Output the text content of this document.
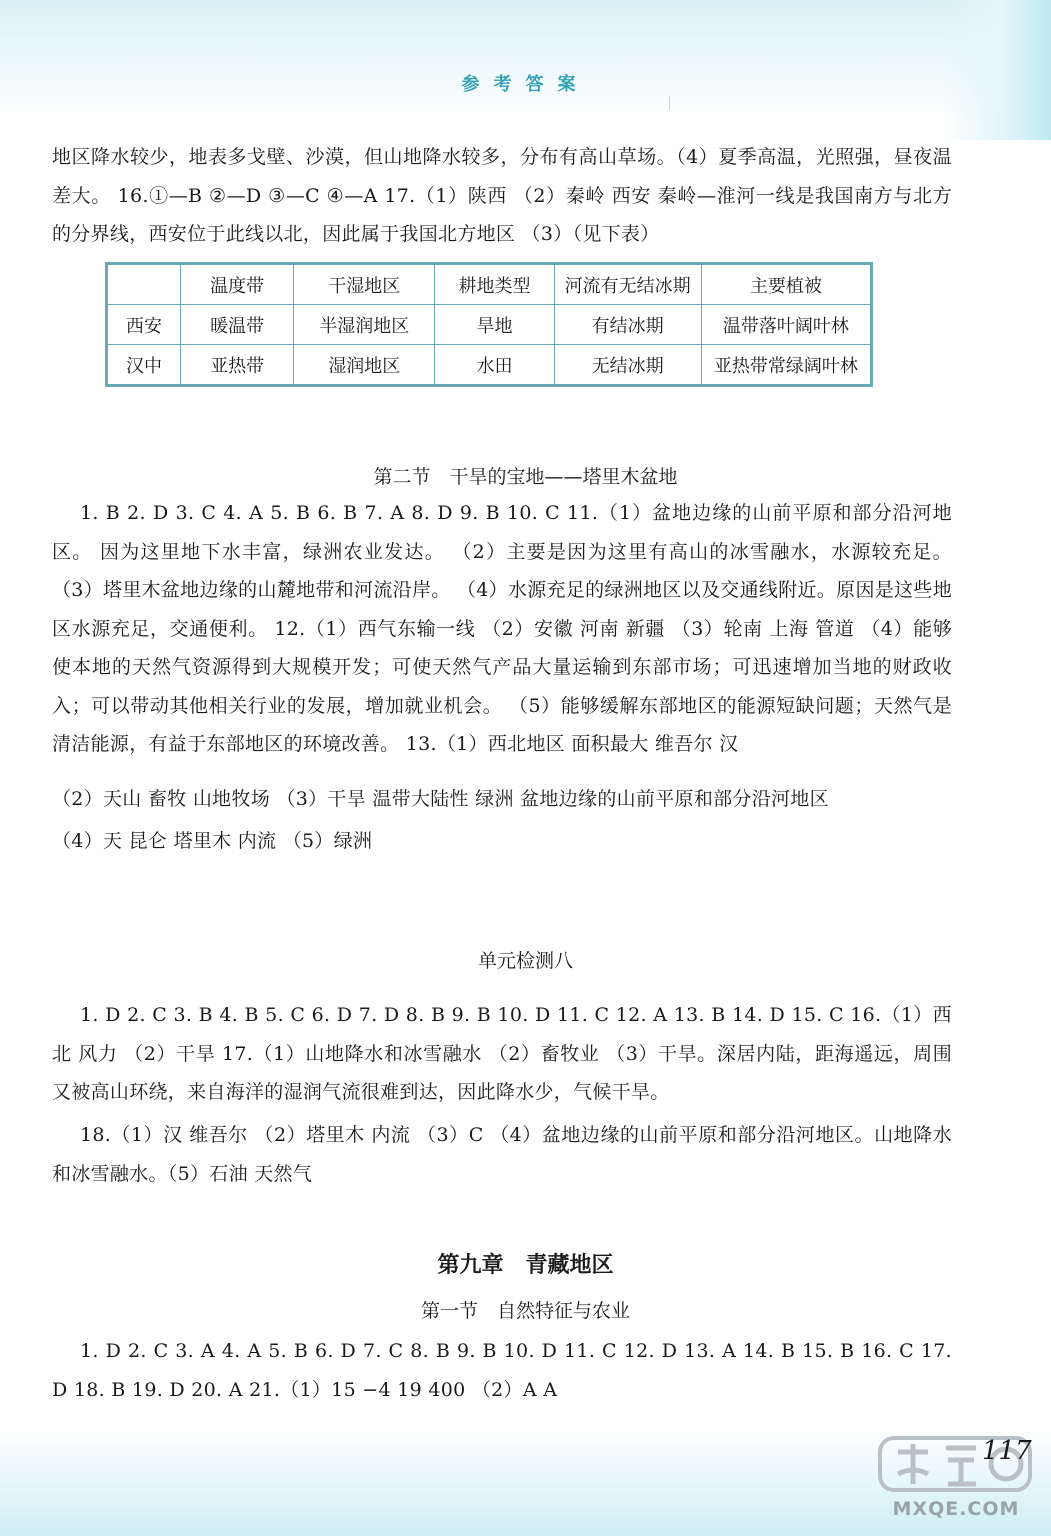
参考答案
地区降水较少，地表多戈壁、沙漠，但山地降水较多，分布有高山草场。（4）夏季高温，光照强，昼夜温差大。 16.①—B ②—D ③—C ④—A 17.（1）陕西 （2）秦岭 西安 秦岭—淮河一线是我国南方与北方的分界线，西安位于此线以北，因此属于我国北方地区 （3）（见下表）
	温度带	干湿地区	耕地类型	河流有无结冰期	主要植被
西安	暖温带	半湿润地区	旱地	有结冰期	温带落叶阔叶林
汉中	亚热带	湿润地区	水田	无结冰期	亚热带常绿阔叶林
第二节　干旱的宝地——塔里木盆地
1. B 2. D 3. C 4. A 5. B 6. B 7. A 8. D 9. B 10. C 11.（1）盆地边缘的山前平原和部分沿河地区。 因为这里地下水丰富，绿洲农业发达。 （2）主要是因为这里有高山的冰雪融水，水源较充足。 （3）塔里木盆地边缘的山麓地带和河流沿岸。 （4）水源充足的绿洲地区以及交通线附近。原因是这些地区水源充足，交通便利。 12.（1）西气东输一线 （2）安徽 河南 新疆 （3）轮南 上海 管道 （4）能够使本地的天然气资源得到大规模开发；可使天然气产品大量运输到东部市场；可迅速增加当地的财政收入；可以带动其他相关行业的发展，增加就业机会。 （5）能够缓解东部地区的能源短缺问题；天然气是清洁能源，有益于东部地区的环境改善。 13.（1）西北地区 面积最大 维吾尔 汉
（2）天山 畜牧 山地牧场 （3）干旱 温带大陆性 绿洲 盆地边缘的山前平原和部分沿河地区
（4）天 昆仑 塔里木 内流 （5）绿洲
单元检测八
1. D 2. C 3. B 4. B 5. C 6. D 7. D 8. B 9. B 10. D 11. C 12. A 13. B 14. D 15. C 16.（1）西北 风力 （2）干旱 17.（1）山地降水和冰雪融水 （2）畜牧业 （3）干旱。深居内陆，距海遥远，周围又被高山环绕，来自海洋的湿润气流很难到达，因此降水少，气候干旱。
18.（1）汉 维吾尔 （2）塔里木 内流 （3）C （4）盆地边缘的山前平原和部分沿河地区。山地降水和冰雪融水。（5）石油 天然气
第九章　青藏地区
第一节　自然特征与农业
1. D 2. C 3. A 4. A 5. B 6. D 7. C 8. B 9. B 10. D 11. C 12. D 13. A 14. B 15. B 16. C 17. D 18. B 19. D 20. A 21.（1）15 −4 19 400 （2）A A
MXQE.COM
117
